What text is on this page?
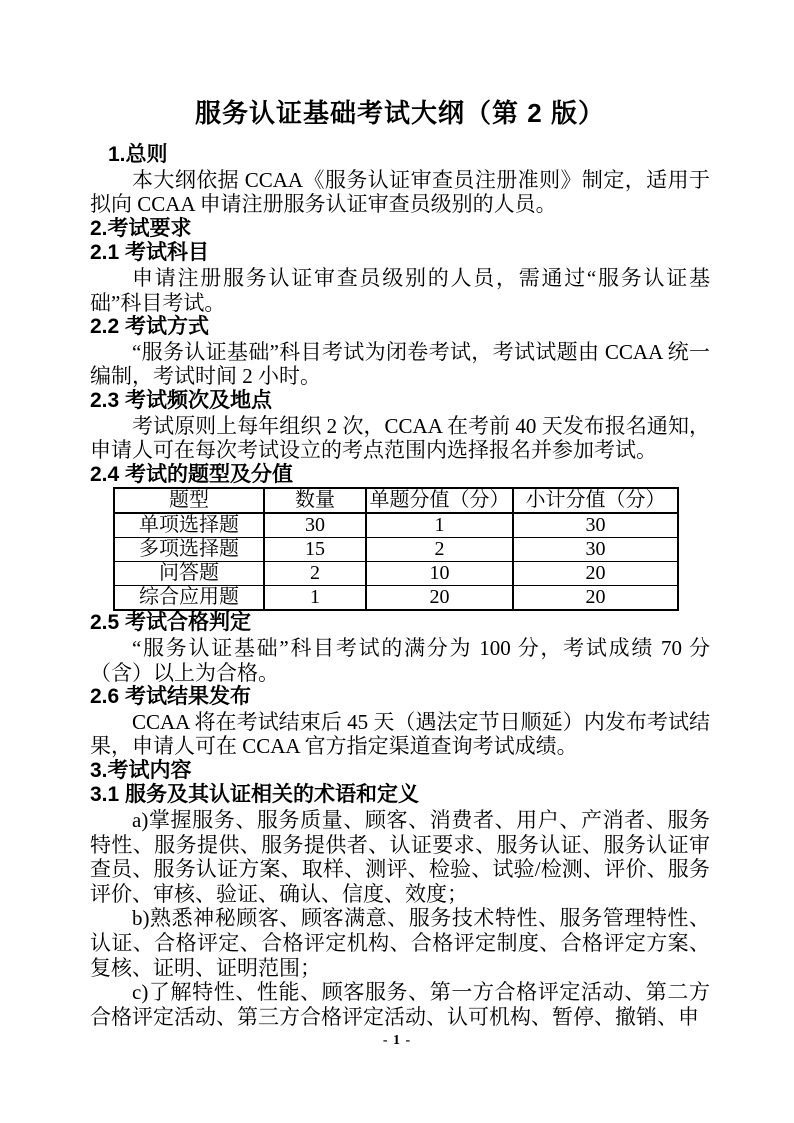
服务认证基础考试大纲（第 2 版）
1.总则

本大纲依据 CCAA《服务认证审查员注册准则》制定，适用于拟向 CCAA 申请注册服务认证审查员级别的人员。

2.考试要求
2.1 考试科目

申请注册服务认证审查员级别的人员，需通过“服务认证基础”科目考试。

2.2 考试方式

“服务认证基础”科目考试为闭卷考试，考试试题由 CCAA 统一编制，考试时间 2 小时。

2.3 考试频次及地点

考试原则上每年组织 2 次，CCAA 在考前 40 天发布报名通知，申请人可在每次考试设立的考点范围内选择报名并参加考试。

2.4 考试的题型及分值
题型	数量	单题分值（分）	小计分值（分）
单项选择题	30	1	30
多项选择题	15	2	30
问答题	2	10	20
综合应用题	1	20	20
2.5 考试合格判定

“服务认证基础”科目考试的满分为 100 分，考试成绩 70 分（含）以上为合格。

2.6 考试结果发布

CCAA 将在考试结束后 45 天（遇法定节日顺延）内发布考试结果，申请人可在 CCAA 官方指定渠道查询考试成绩。

3.考试内容
3.1 服务及其认证相关的术语和定义

a)掌握服务、服务质量、顾客、消费者、用户、产消者、服务特性、服务提供、服务提供者、认证要求、服务认证、服务认证审查员、服务认证方案、取样、测评、检验、试验/检测、评价、服务评价、审核、验证、确认、信度、效度；

b)熟悉神秘顾客、顾客满意、服务技术特性、服务管理特性、认证、合格评定、合格评定机构、合格评定制度、合格评定方案、复核、证明、证明范围；

c)了解特性、性能、顾客服务、第一方合格评定活动、第二方合格评定活动、第三方合格评定活动、认可机构、暂停、撤销、申

- 1 -
